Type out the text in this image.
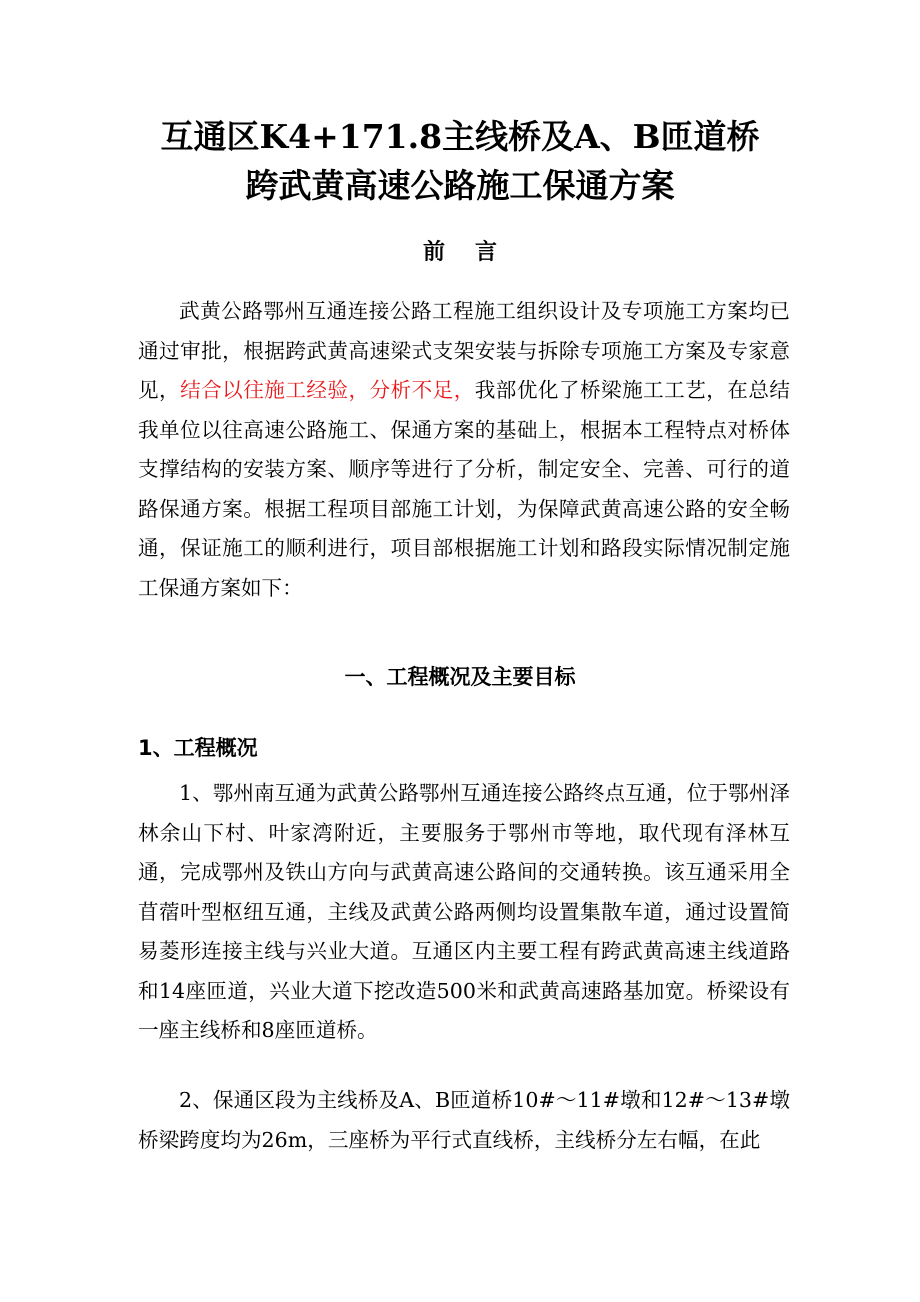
互通区K4+171.8主线桥及A、B匝道桥
跨武黄高速公路施工保通方案
前言
武黄公路鄂州互通连接公路工程施工组织设计及专项施工方案均已通过审批，根据跨武黄高速梁式支架安装与拆除专项施工方案及专家意见，结合以往施工经验，分析不足，我部优化了桥梁施工工艺，在总结我单位以往高速公路施工、保通方案的基础上，根据本工程特点对桥体支撑结构的安装方案、顺序等进行了分析，制定安全、完善、可行的道路保通方案。根据工程项目部施工计划，为保障武黄高速公路的安全畅通，保证施工的顺利进行，项目部根据施工计划和路段实际情况制定施工保通方案如下：
一、工程概况及主要目标
1、工程概况
1、鄂州南互通为武黄公路鄂州互通连接公路终点互通，位于鄂州泽林余山下村、叶家湾附近，主要服务于鄂州市等地，取代现有泽林互通，完成鄂州及铁山方向与武黄高速公路间的交通转换。该互通采用全苜蓿叶型枢纽互通，主线及武黄公路两侧均设置集散车道，通过设置简易菱形连接主线与兴业大道。互通区内主要工程有跨武黄高速主线道路和14座匝道，兴业大道下挖改造500米和武黄高速路基加宽。桥梁设有一座主线桥和8座匝道桥。
2、保通区段为主线桥及A、B匝道桥10#～11#墩和12#～13#墩桥梁跨度均为26m，三座桥为平行式直线桥，主线桥分左右幅，在此
